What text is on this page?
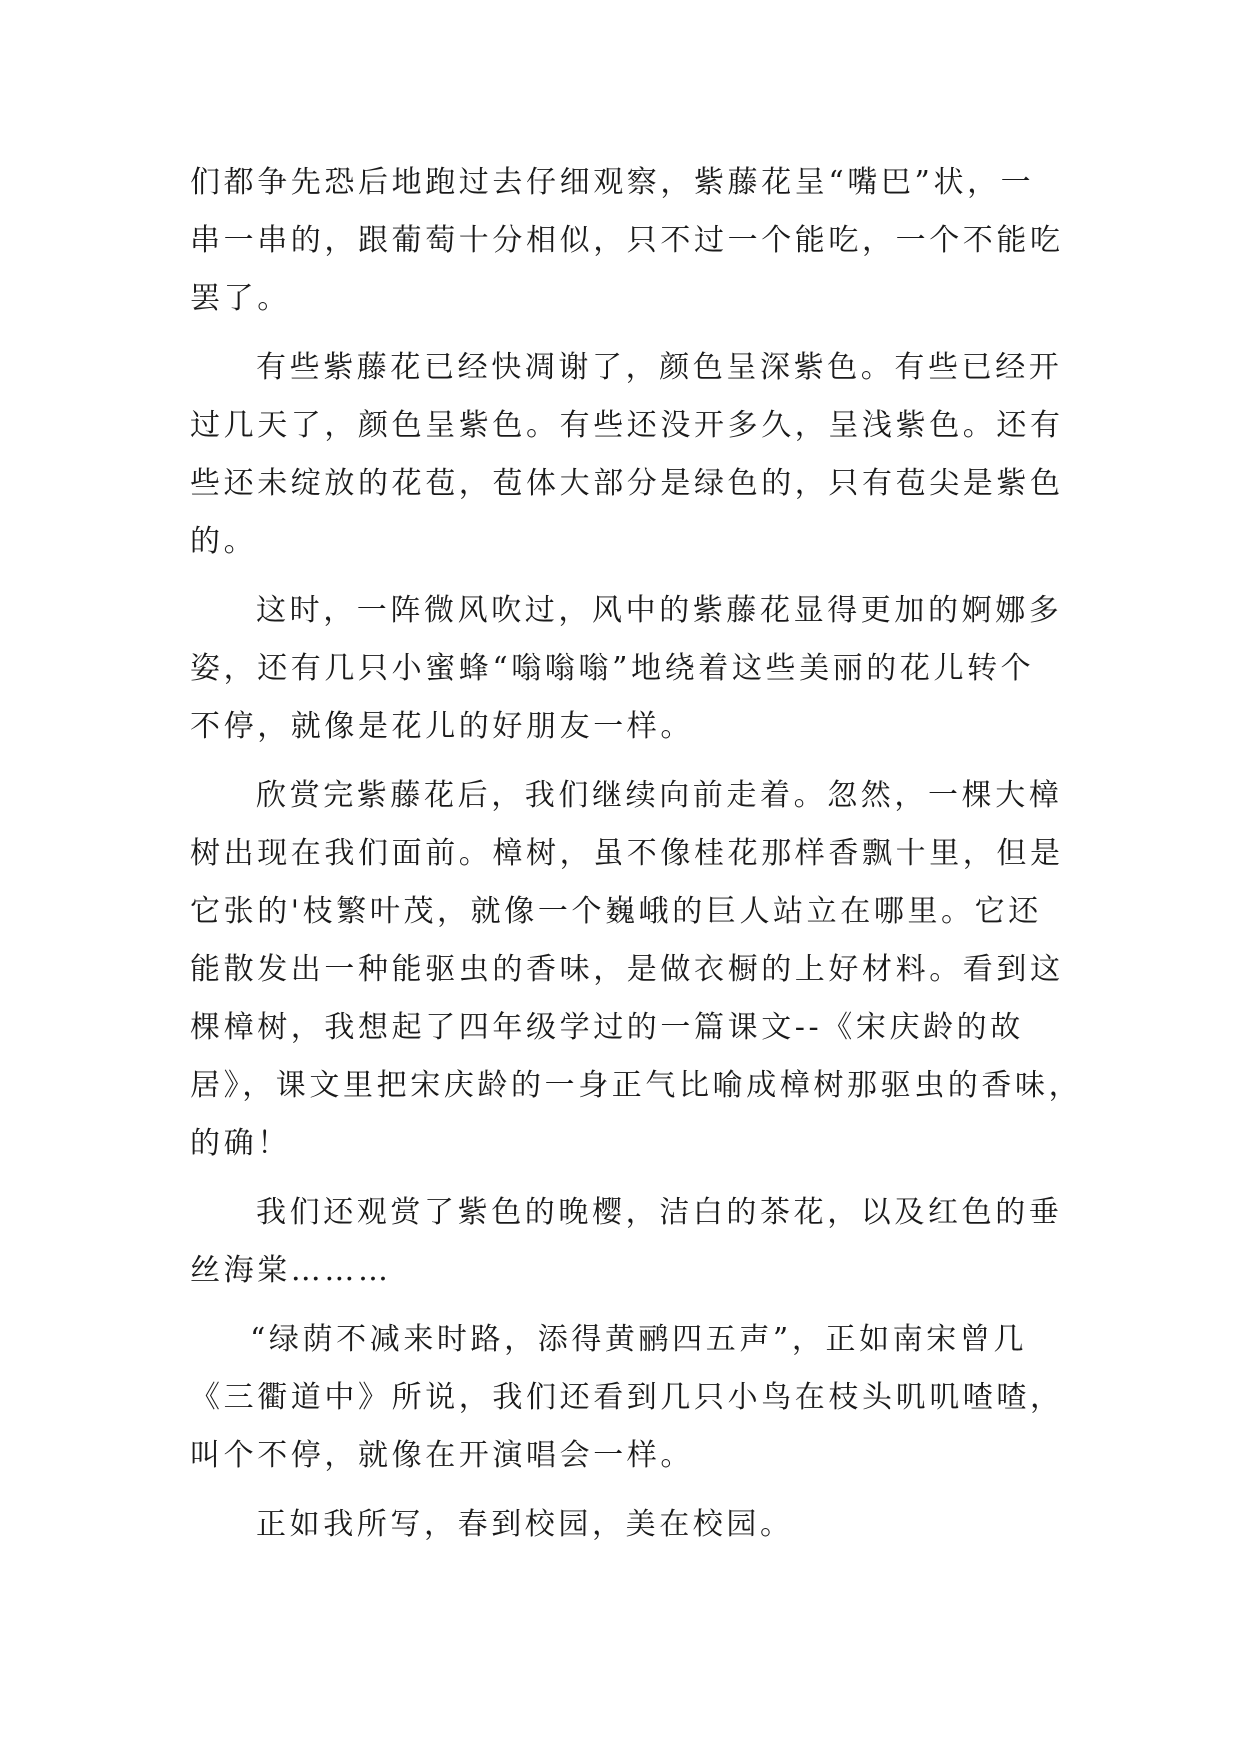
们都争先恐后地跑过去仔细观察，紫藤花呈“嘴巴”状，一
串一串的，跟葡萄十分相似，只不过一个能吃，一个不能吃
罢了。
有些紫藤花已经快凋谢了，颜色呈深紫色。有些已经开
过几天了，颜色呈紫色。有些还没开多久，呈浅紫色。还有
些还未绽放的花苞，苞体大部分是绿色的，只有苞尖是紫色
的。
这时，一阵微风吹过，风中的紫藤花显得更加的婀娜多
姿，还有几只小蜜蜂“嗡嗡嗡”地绕着这些美丽的花儿转个
不停，就像是花儿的好朋友一样。
欣赏完紫藤花后，我们继续向前走着。忽然，一棵大樟
树出现在我们面前。樟树，虽不像桂花那样香飘十里，但是
它张的'枝繁叶茂，就像一个巍峨的巨人站立在哪里。它还
能散发出一种能驱虫的香味，是做衣橱的上好材料。看到这
棵樟树，我想起了四年级学过的一篇课文--《宋庆龄的故
居》，课文里把宋庆龄的一身正气比喻成樟树那驱虫的香味，
的确！
我们还观赏了紫色的晚樱，洁白的茶花，以及红色的垂
丝海棠………
“绿荫不减来时路，添得黄鹂四五声”，正如南宋曾几
《三衢道中》所说，我们还看到几只小鸟在枝头叽叽喳喳，
叫个不停，就像在开演唱会一样。
正如我所写，春到校园，美在校园。
